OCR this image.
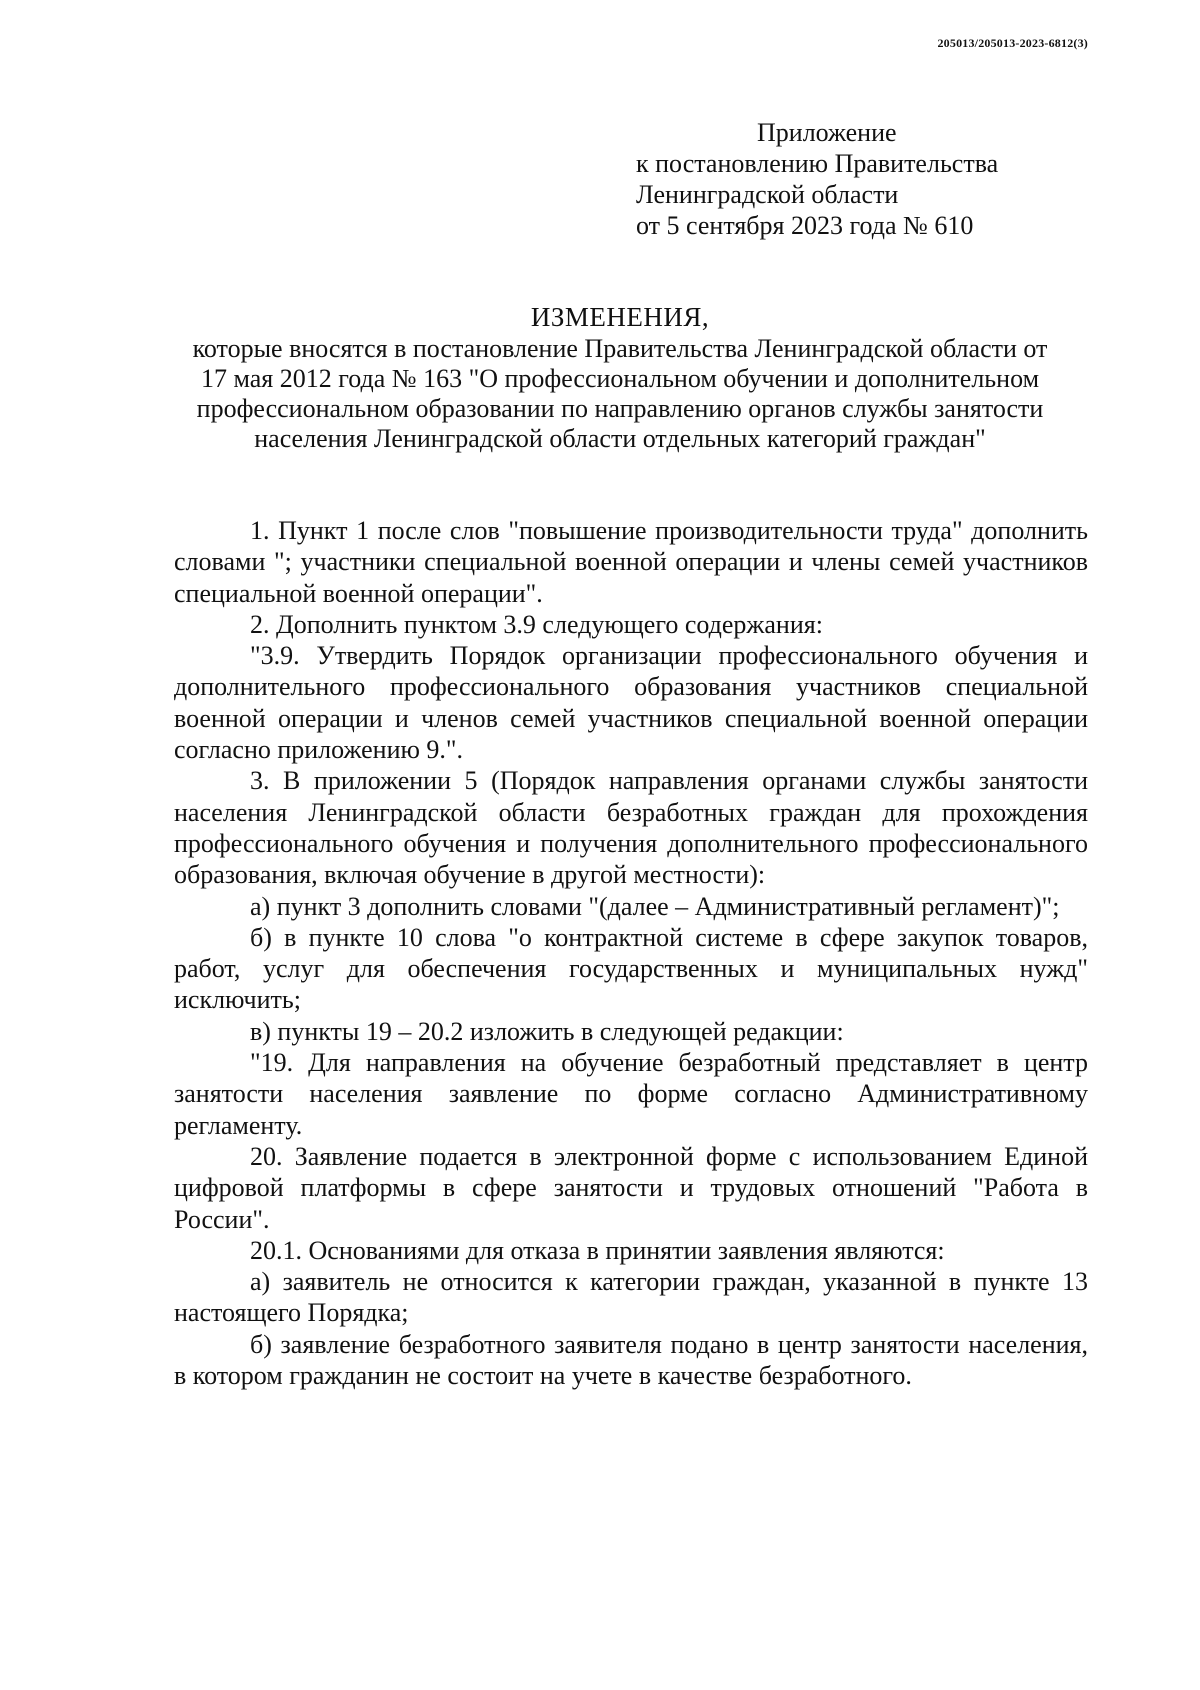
205013/205013-2023-6812(3)
Приложение
к постановлению Правительства
Ленинградской области
от 5 сентября 2023 года № 610
ИЗМЕНЕНИЯ,
которые вносятся в постановление Правительства Ленинградской области от 17 мая 2012 года № 163 "О профессиональном обучении и дополнительном профессиональном образовании по направлению органов службы занятости населения Ленинградской области отдельных категорий граждан"

1. Пункт 1 после слов "повышение производительности труда" дополнить словами "; участники специальной военной операции и члены семей участников специальной военной операции".

2. Дополнить пунктом 3.9 следующего содержания:

"3.9. Утвердить Порядок организации профессионального обучения и дополнительного профессионального образования участников специальной военной операции и членов семей участников специальной военной операции согласно приложению 9.".

3. В приложении 5 (Порядок направления органами службы занятости населения Ленинградской области безработных граждан для прохождения профессионального обучения и получения дополнительного профессионального образования, включая обучение в другой местности):

а) пункт 3 дополнить словами "(далее – Административный регламент)";

б) в пункте 10 слова "о контрактной системе в сфере закупок товаров, работ, услуг для обеспечения государственных и муниципальных нужд" исключить;

в) пункты 19 – 20.2 изложить в следующей редакции:

"19. Для направления на обучение безработный представляет в центр занятости населения заявление по форме согласно Административному регламенту.

20. Заявление подается в электронной форме с использованием Единой цифровой платформы в сфере занятости и трудовых отношений "Работа в России".

20.1. Основаниями для отказа в принятии заявления являются:

а) заявитель не относится к категории граждан, указанной в пункте 13 настоящего Порядка;

б) заявление безработного заявителя подано в центр занятости населения, в котором гражданин не состоит на учете в качестве безработного.
